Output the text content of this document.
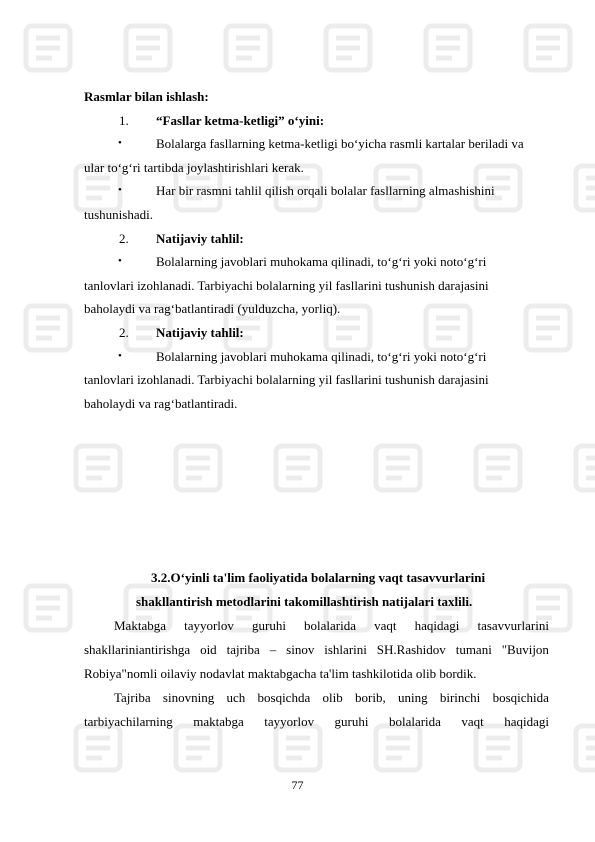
Rasmlar bilan ishlash:
1. “Fasllar ketma-ketligi” o‘yini:
•	Bolalarga fasllarning ketma-ketligi bo‘yicha rasmli kartalar beriladi va
ular to‘g‘ri tartibda joylashtirishlari kerak.
•	Har bir rasmni tahlil qilish orqali bolalar fasllarning almashishini
tushunishadi.
2. Natijaviy tahlil:
•	Bolalarning javoblari muhokama qilinadi, to‘g‘ri yoki noto‘g‘ri
tanlovlari izohlanadi. Tarbiyachi bolalarning yil fasllarini tushunish darajasini
baholaydi va rag‘batlantiradi (yulduzcha, yorliq).
2. Natijaviy tahlil:
•	Bolalarning javoblari muhokama qilinadi, to‘g‘ri yoki noto‘g‘ri
tanlovlari izohlanadi. Tarbiyachi bolalarning yil fasllarini tushunish darajasini
baholaydi va rag‘batlantiradi.
3.2.O‘yinli ta'lim faoliyatida bolalarning vaqt tasavvurlarini
shakllantirish metodlarini takomillashtirish natijalari taxlili.
Maktabga tayyorlov guruhi bolalarida vaqt haqidagi tasavvurlarini
shakllariniantirishga oid tajriba – sinov ishlarini SH.Rashidov tumani "Buvijon
Robiya"nomli oilaviy nodavlat maktabgacha ta'lim tashkilotida olib bordik.
Tajriba sinovning uch bosqichda olib borib, uning birinchi bosqichida
tarbiyachilarning maktabga tayyorlov guruhi bolalarida vaqt haqidagi
77
